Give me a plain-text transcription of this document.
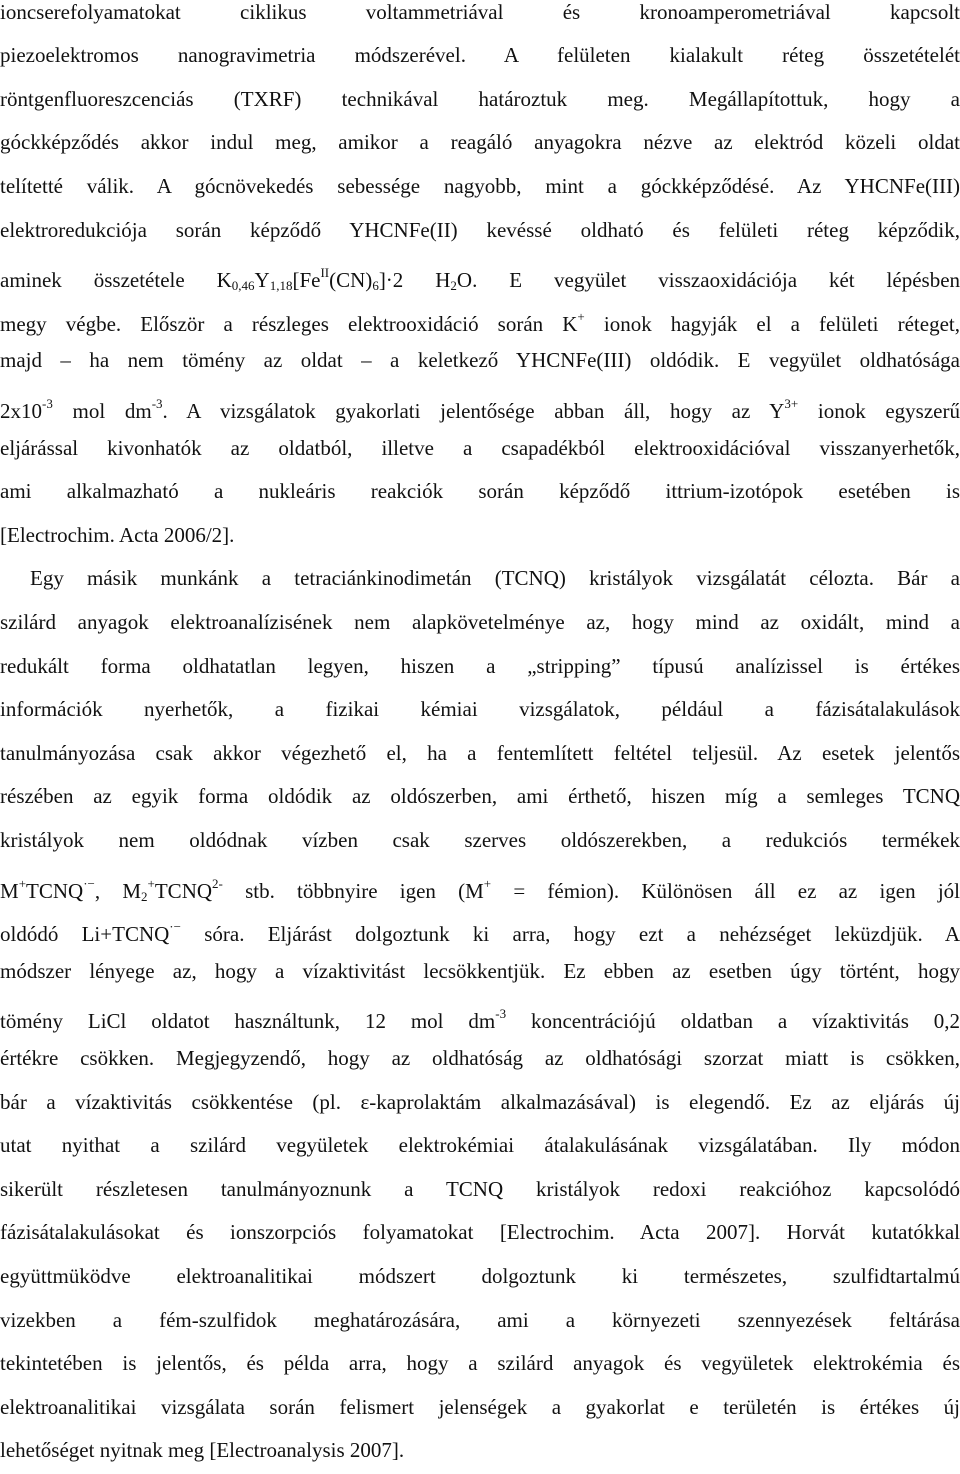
ioncserefolyamatokat ciklikus voltammetriával és kronoamperometriával kapcsolt
piezoelektromos nanogravimetria módszerével. A felületen kialakult réteg összetételét
röntgenfluoreszcenciás (TXRF) technikával határoztuk meg. Megállapítottuk, hogy a
góckképződés akkor indul meg, amikor a reagáló anyagokra nézve az elektród közeli oldat
telítetté válik. A gócnövekedés sebessége nagyobb, mint a góckképződésé. Az YHCNFe(III)
elektroredukciója során képződő YHCNFe(II) kevéssé oldható és felületi réteg képződik,
aminek összetétele $K_{0,46}Y_{1,18}[Fe^{II}(CN)_6]\cdot 2$ $H_2O$. E vegyület visszaoxidációja két lépésben
megy végbe. Először a részleges elektrooxidáció során K+ ionok hagyják el a felületi réteget,
majd – ha nem tömény az oldat – a keletkező YHCNFe(III) oldódik. E vegyület oldhatósága
$2x10^{-3}$ mol $dm^{-3}$. A vizsgálatok gyakorlati jelentősége abban áll, hogy az $Y^{3+}$ ionok egyszerű
eljárással kivonhatók az oldatból, illetve a csapadékból elektrooxidációval visszanyerhetők,
ami alkalmazható a nukleáris reakciók során képződő ittrium-izotópok esetében is
[Electrochim. Acta 2006/2].
Egy másik munkánk a tetraciánkinodimetán (TCNQ) kristályok vizsgálatát célozta. Bár a
szilárd anyagok elektroanalízisének nem alapkövetelménye az, hogy mind az oxidált, mind a
redukált forma oldhatatlan legyen, hiszen a „stripping” típusú analízissel is értékes
információk nyerhetők, a fizikai kémiai vizsgálatok, például a fázisátalakulások
tanulmányozása csak akkor végezhető el, ha a fentemlített feltétel teljesül. Az esetek jelentős
részében az egyik forma oldódik az oldószerben, ami érthető, hiszen míg a semleges TCNQ
kristályok nem oldódnak vízben csak szerves oldószerekben, a redukciós termékek
M+TCNQ·−, $M_2^+TCNQ^{2-}$ stb. többnyire igen (M+ = fémion). Különösen áll ez az igen jól
oldódó Li+TCNQ·− sóra. Eljárást dolgoztunk ki arra, hogy ezt a nehézséget leküzdjük. A
módszer lényege az, hogy a vízaktivitást lecsökkentjük. Ez ebben az esetben úgy történt, hogy
tömény LiCl oldatot használtunk, 12 mol $dm^{-3}$ koncentrációjú oldatban a vízaktivitás 0,2
értékre csökken. Megjegyzendő, hogy az oldhatóság az oldhatósági szorzat miatt is csökken,
bár a vízaktivitás csökkentése (pl. ε-kaprolaktám alkalmazásával) is elegendő. Ez az eljárás új
utat nyithat a szilárd vegyületek elektrokémiai átalakulásának vizsgálatában. Ily módon
sikerült részletesen tanulmányoznunk a TCNQ kristályok redoxi reakcióhoz kapcsolódó
fázisátalakulásokat és ionszorpciós folyamatokat [Electrochim. Acta 2007]. Horvát kutatókkal
együttmüködve elektroanalitikai módszert dolgoztunk ki természetes, szulfidtartalmú
vizekben a fém-szulfidok meghatározására, ami a környezeti szennyezések feltárása
tekintetében is jelentős, és példa arra, hogy a szilárd anyagok és vegyületek elektrokémia és
elektroanalitikai vizsgálata során felismert jelenségek a gyakorlat e területén is értékes új
lehetőséget nyitnak meg [Electroanalysis 2007].
